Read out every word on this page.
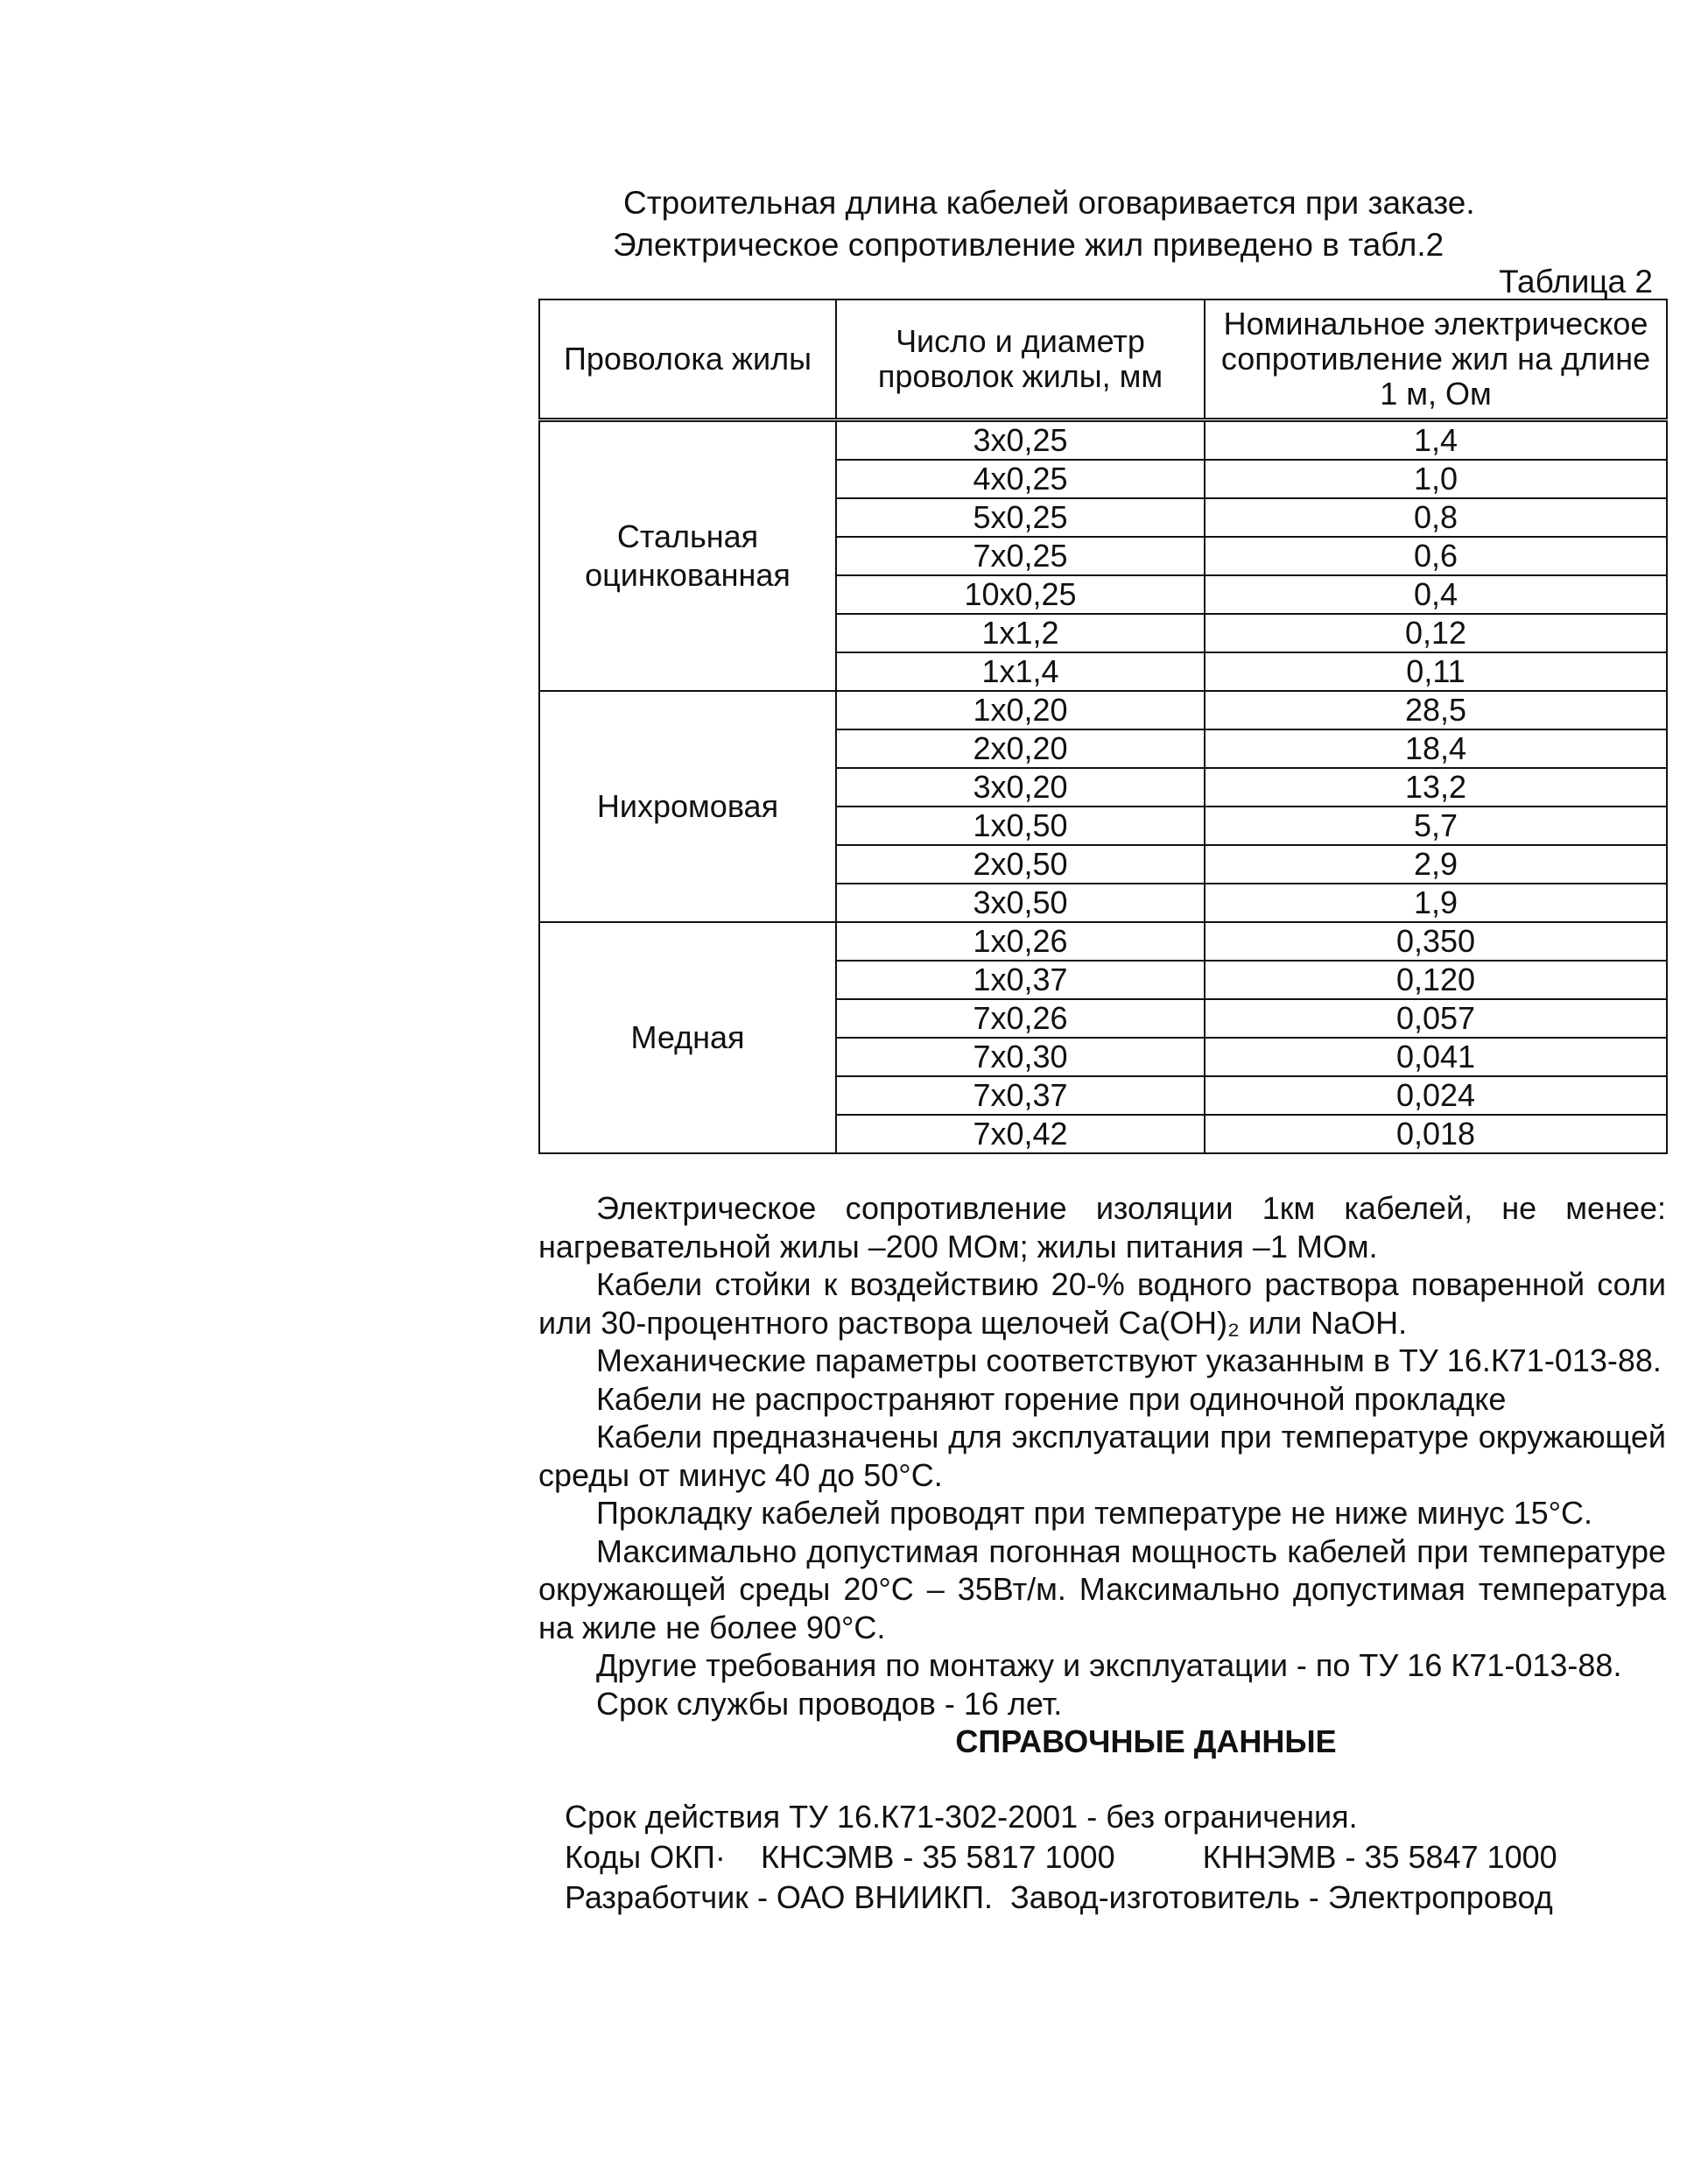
Строительная длина кабелей оговаривается при заказе.
Электрическое сопротивление жил приведено в табл.2
Таблица 2
Проволока жилы	Число и диаметр проволок жилы, мм	Номинальное электрическое сопротивление жил на длине 1 м, Ом
Стальная оцинкованная	3х0,25	1,4
	4х0,25	1,0
	5х0,25	0,8
	7х0,25	0,6
	10х0,25	0,4
	1х1,2	0,12
	1х1,4	0,11
Нихромовая	1х0,20	28,5
	2х0,20	18,4
	3х0,20	13,2
	1х0,50	5,7
	2х0,50	2,9
	3х0,50	1,9
Медная	1х0,26	0,350
	1х0,37	0,120
	7х0,26	0,057
	7х0,30	0,041
	7х0,37	0,024
	7х0,42	0,018

Электрическое сопротивление изоляции 1км кабелей, не менее: нагревательной жилы –200 МОм; жилы питания –1 МОм.

Кабели стойки к воздействию 20-% водного раствора поваренной соли или 30-процентного раствора щелочей Са(ОН)₂ или NaOH.

Механические параметры соответствуют указанным в ТУ 16.К71-013-88.

Кабели не распространяют горение при одиночной прокладке

Кабели предназначены для эксплуатации при температуре окружающей среды от минус 40 до 50°С.

Прокладку кабелей проводят при температуре не ниже минус 15°С.

Максимально допустимая погонная мощность кабелей при температуре окружающей среды 20°С – 35Вт/м. Максимально допустимая температура на жиле не более 90°С.

Другие требования по монтажу и эксплуатации - по ТУ 16 К71-013-88.

Срок службы проводов - 16 лет.

СПРАВОЧНЫЕ ДАННЫЕ

Срок действия ТУ 16.К71-302-2001 - без ограничения.
Коды ОКП· КНСЭМВ - 35 5817 1000	КННЭМВ - 35 5847 1000
Разработчик - ОАО ВНИИКП.  Завод-изготовитель - Электропровод
